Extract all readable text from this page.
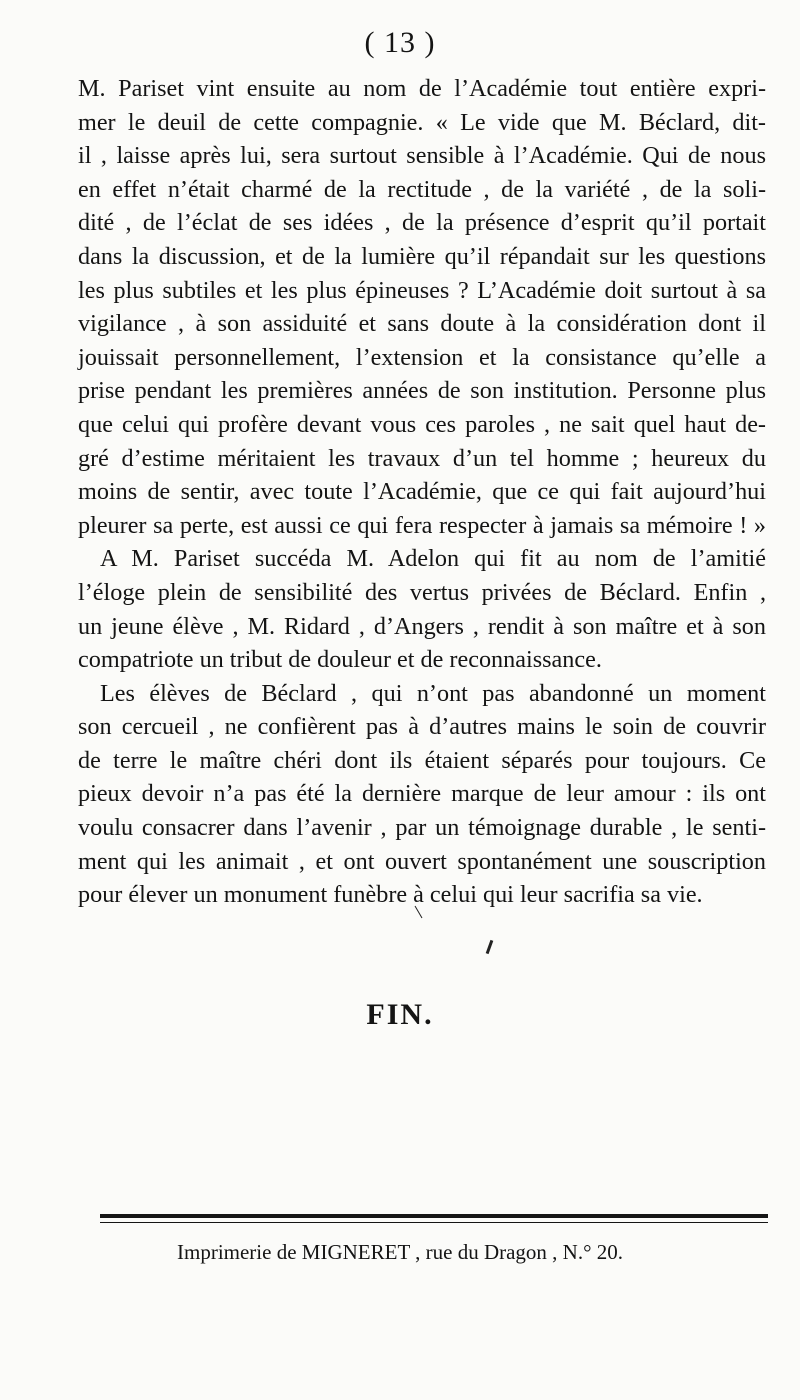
( 13 )
M. Pariset vint ensuite au nom de l’Académie tout entière expri-
mer le deuil de cette compagnie. « Le vide que M. Béclard, dit-
il , laisse après lui, sera surtout sensible à l’Académie. Qui de nous
en effet n’était charmé de la rectitude , de la variété , de la soli-
dité , de l’éclat de ses idées , de la présence d’esprit qu’il portait
dans la discussion, et de la lumière qu’il répandait sur les questions
les plus subtiles et les plus épineuses ? L’Académie doit surtout à sa
vigilance , à son assiduité et sans doute à la considération dont il
jouissait personnellement, l’extension et la consistance qu’elle a
prise pendant les premières années de son institution. Personne plus
que celui qui profère devant vous ces paroles , ne sait quel haut de-
gré d’estime méritaient les travaux d’un tel homme ; heureux du
moins de sentir, avec toute l’Académie, que ce qui fait aujourd’hui
pleurer sa perte, est aussi ce qui fera respecter à jamais sa mémoire ! »
A M. Pariset succéda M. Adelon qui fit au nom de l’amitié
l’éloge plein de sensibilité des vertus privées de Béclard. Enfin ,
un jeune élève , M. Ridard , d’Angers , rendit à son maître et à son
compatriote un tribut de douleur et de reconnaissance.
Les élèves de Béclard , qui n’ont pas abandonné un moment
son cercueil , ne confièrent pas à d’autres mains le soin de couvrir
de terre le maître chéri dont ils étaient séparés pour toujours. Ce
pieux devoir n’a pas été la dernière marque de leur amour : ils ont
voulu consacrer dans l’avenir , par un témoignage durable , le senti-
ment qui les animait , et ont ouvert spontanément une souscription
pour élever un monument funèbre à celui qui leur sacrifia sa vie.
FIN.
Imprimerie de MIGNERET , rue du Dragon , N.° 20.
